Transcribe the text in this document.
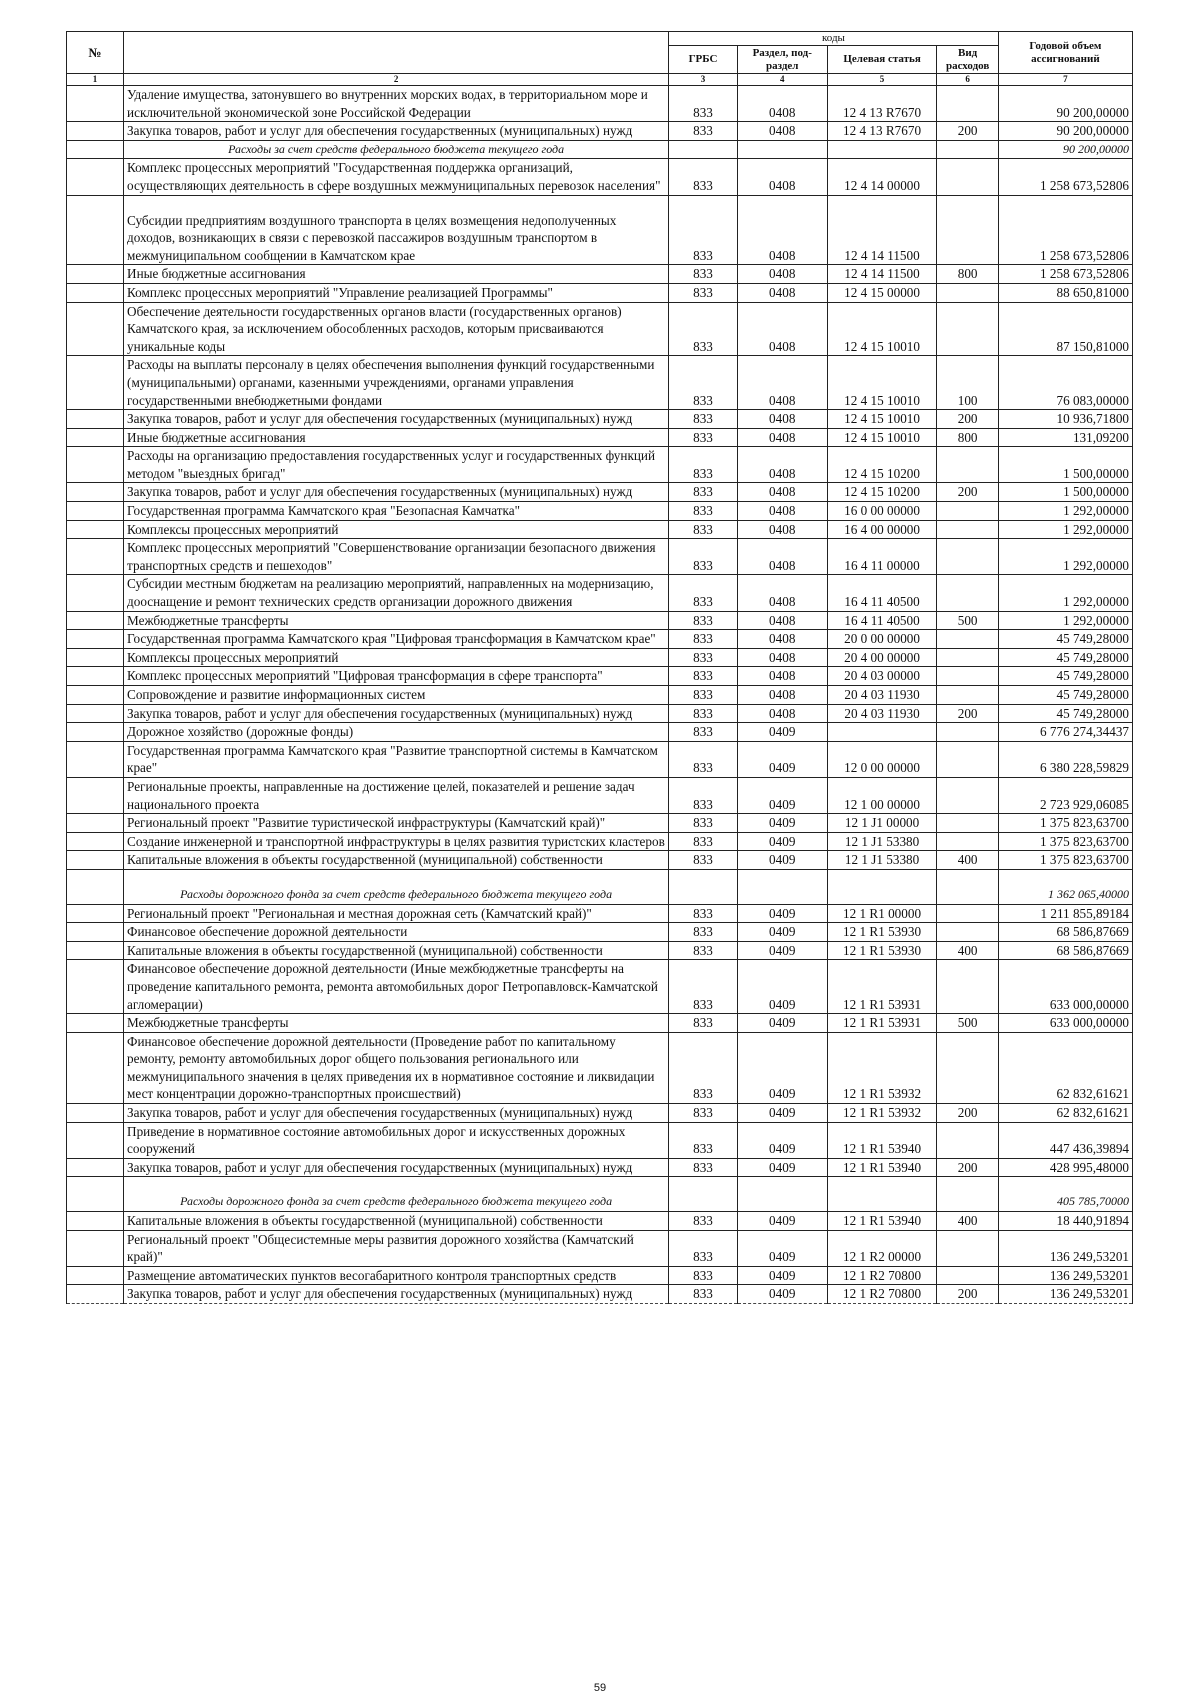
№		коды				Годовой объем ассигнований
		ГРБС	Раздел, под-раздел	Целевая статья	Вид расходов	
1	2	3	4	5	6	7
	Удаление имущества, затонувшего во внутренних морских водах, в территориальном море и исключительной экономической зоне Российской Федерации	833	0408	12 4 13 R7670		90 200,00000
	Закупка товаров, работ и услуг для обеспечения государственных (муниципальных) нужд	833	0408	12 4 13 R7670	200	90 200,00000
	Расходы за счет средств федерального бюджета текущего года					90 200,00000
	Комплекс процессных мероприятий "Государственная поддержка организаций, осуществляющих деятельность в сфере воздушных межмуниципальных перевозок населения"	833	0408	12 4 14 00000		1 258 673,52806
	Субсидии предприятиям воздушного транспорта в целях возмещения недополученных доходов, возникающих в связи с перевозкой пассажиров воздушным транспортом в межмуниципальном сообщении в Камчатском крае	833	0408	12 4 14 11500		1 258 673,52806
	Иные бюджетные ассигнования	833	0408	12 4 14 11500	800	1 258 673,52806
	Комплекс процессных мероприятий "Управление реализацией Программы"	833	0408	12 4 15 00000		88 650,81000
	Обеспечение деятельности государственных органов власти (государственных органов) Камчатского края, за исключением обособленных расходов, которым присваиваются уникальные коды	833	0408	12 4 15 10010		87 150,81000
	Расходы на выплаты персоналу в целях обеспечения выполнения функций государственными (муниципальными) органами, казенными учреждениями, органами управления государственными внебюджетными фондами	833	0408	12 4 15 10010	100	76 083,00000
	Закупка товаров, работ и услуг для обеспечения государственных (муниципальных) нужд	833	0408	12 4 15 10010	200	10 936,71800
	Иные бюджетные ассигнования	833	0408	12 4 15 10010	800	131,09200
	Расходы на организацию предоставления государственных услуг и государственных функций методом "выездных бригад"	833	0408	12 4 15 10200		1 500,00000
	Закупка товаров, работ и услуг для обеспечения государственных (муниципальных) нужд	833	0408	12 4 15 10200	200	1 500,00000
	Государственная программа Камчатского края "Безопасная Камчатка"	833	0408	16 0 00 00000		1 292,00000
	Комплексы процессных мероприятий	833	0408	16 4 00 00000		1 292,00000
	Комплекс процессных мероприятий "Совершенствование организации безопасного движения транспортных средств и пешеходов"	833	0408	16 4 11 00000		1 292,00000
	Субсидии местным бюджетам на реализацию мероприятий, направленных на модернизацию, дооснащение и ремонт технических средств организации дорожного движения	833	0408	16 4 11 40500		1 292,00000
	Межбюджетные трансферты	833	0408	16 4 11 40500	500	1 292,00000
	Государственная программа Камчатского края "Цифровая трансформация в Камчатском крае"	833	0408	20 0 00 00000		45 749,28000
	Комплексы процессных мероприятий	833	0408	20 4 00 00000		45 749,28000
	Комплекс процессных мероприятий "Цифровая трансформация в сфере транспорта"	833	0408	20 4 03 00000		45 749,28000
	Сопровождение и развитие информационных систем	833	0408	20 4 03 11930		45 749,28000
	Закупка товаров, работ и услуг для обеспечения государственных (муниципальных) нужд	833	0408	20 4 03 11930	200	45 749,28000
	Дорожное хозяйство (дорожные фонды)	833	0409			6 776 274,34437
	Государственная программа Камчатского края "Развитие транспортной системы в Камчатском крае"	833	0409	12 0 00 00000		6 380 228,59829
	Региональные проекты, направленные на достижение целей, показателей и решение задач национального проекта	833	0409	12 1 00 00000		2 723 929,06085
	Региональный проект "Развитие туристической инфраструктуры (Камчатский край)"	833	0409	12 1 J1 00000		1 375 823,63700
	Создание инженерной и транспортной инфраструктуры в целях развития туристских кластеров	833	0409	12 1 J1 53380		1 375 823,63700
	Капитальные вложения в объекты государственной (муниципальной) собственности	833	0409	12 1 J1 53380	400	1 375 823,63700
	Расходы дорожного фонда за счет средств федерального бюджета текущего года					1 362 065,40000
	Региональный проект "Региональная и местная дорожная сеть (Камчатский край)"	833	0409	12 1 R1 00000		1 211 855,89184
	Финансовое обеспечение дорожной деятельности	833	0409	12 1 R1 53930		68 586,87669
	Капитальные вложения в объекты государственной (муниципальной) собственности	833	0409	12 1 R1 53930	400	68 586,87669
	Финансовое обеспечение дорожной деятельности (Иные межбюджетные трансферты на проведение капитального ремонта, ремонта автомобильных дорог Петропавловск-Камчатской агломерации)	833	0409	12 1 R1 53931		633 000,00000
	Межбюджетные трансферты	833	0409	12 1 R1 53931	500	633 000,00000
	Финансовое обеспечение дорожной деятельности (Проведение работ по капитальному ремонту, ремонту автомобильных дорог общего пользования регионального или межмуниципального значения в целях приведения их в нормативное состояние и ликвидации мест концентрации дорожно-транспортных происшествий)	833	0409	12 1 R1 53932		62 832,61621
	Закупка товаров, работ и услуг для обеспечения государственных (муниципальных) нужд	833	0409	12 1 R1 53932	200	62 832,61621
	Приведение в нормативное состояние автомобильных дорог и искусственных дорожных сооружений	833	0409	12 1 R1 53940		447 436,39894
	Закупка товаров, работ и услуг для обеспечения государственных (муниципальных) нужд	833	0409	12 1 R1 53940	200	428 995,48000
	Расходы дорожного фонда за счет средств федерального бюджета текущего года					405 785,70000
	Капитальные вложения в объекты государственной (муниципальной) собственности	833	0409	12 1 R1 53940	400	18 440,91894
	Региональный проект "Общесистемные меры развития дорожного хозяйства (Камчатский край)"	833	0409	12 1 R2 00000		136 249,53201
	Размещение автоматических пунктов весогабаритного контроля транспортных средств	833	0409	12 1 R2 70800		136 249,53201
	Закупка товаров, работ и услуг для обеспечения государственных (муниципальных) нужд	833	0409	12 1 R2 70800	200	136 249,53201
59
